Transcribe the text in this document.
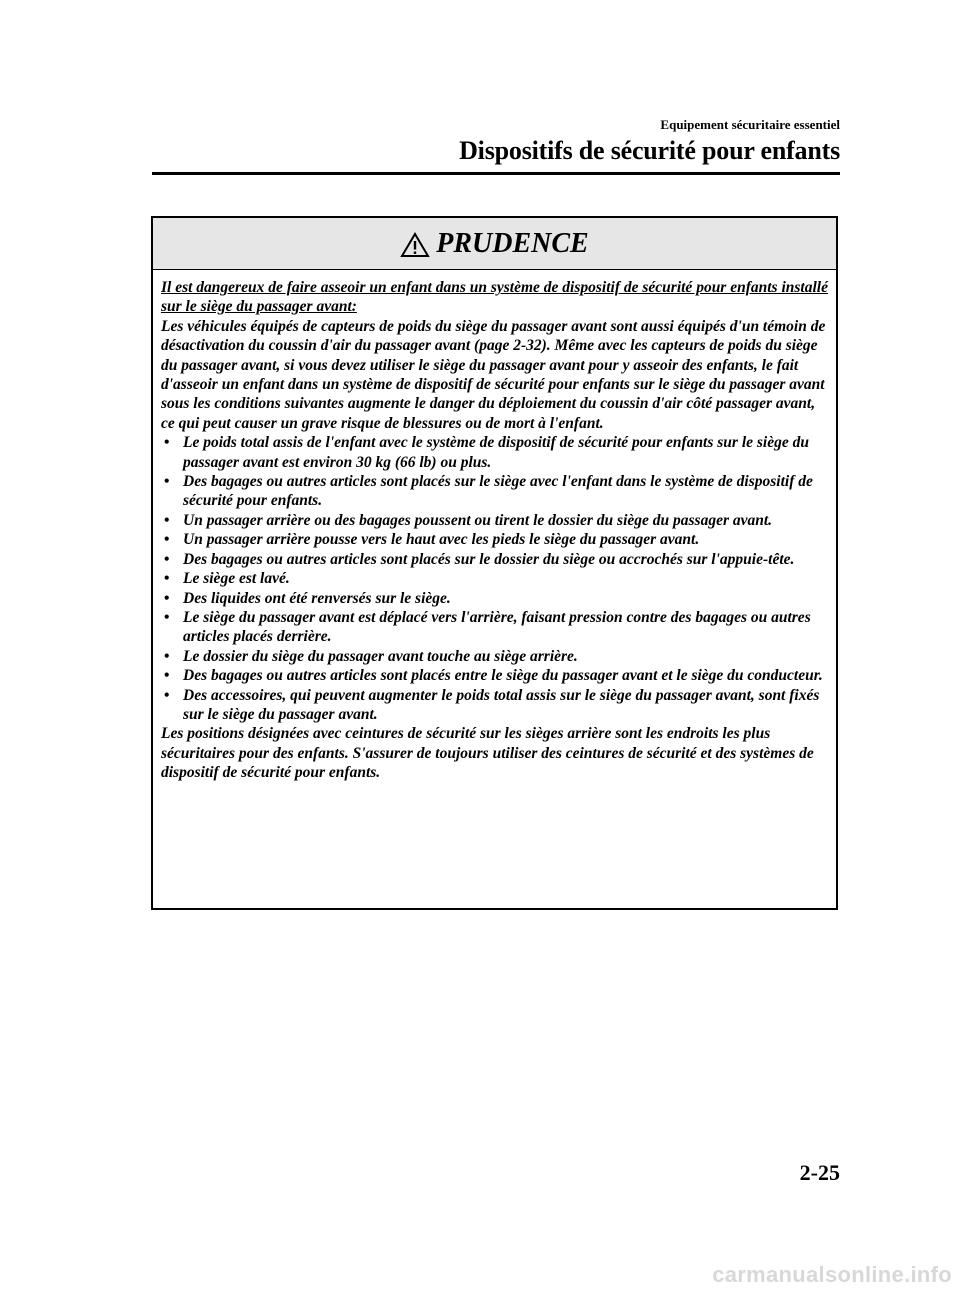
Equipement sécuritaire essentiel
Dispositifs de sécurité pour enfants
PRUDENCE

Il est dangereux de faire asseoir un enfant dans un système de dispositif de sécurité pour enfants installé sur le siège du passager avant:

Les véhicules équipés de capteurs de poids du siège du passager avant sont aussi équipés d'un témoin de désactivation du coussin d'air du passager avant (page 2-32). Même avec les capteurs de poids du siège du passager avant, si vous devez utiliser le siège du passager avant pour y asseoir des enfants, le fait d'asseoir un enfant dans un système de dispositif de sécurité pour enfants sur le siège du passager avant sous les conditions suivantes augmente le danger du déploiement du coussin d'air côté passager avant, ce qui peut causer un grave risque de blessures ou de mort à l'enfant.

• Le poids total assis de l'enfant avec le système de dispositif de sécurité pour enfants sur le siège du passager avant est environ 30 kg (66 lb) ou plus.
• Des bagages ou autres articles sont placés sur le siège avec l'enfant dans le système de dispositif de sécurité pour enfants.
• Un passager arrière ou des bagages poussent ou tirent le dossier du siège du passager avant.
• Un passager arrière pousse vers le haut avec les pieds le siège du passager avant.
• Des bagages ou autres articles sont placés sur le dossier du siège ou accrochés sur l'appuie-tête.
• Le siège est lavé.
• Des liquides ont été renversés sur le siège.
• Le siège du passager avant est déplacé vers l'arrière, faisant pression contre des bagages ou autres articles placés derrière.
• Le dossier du siège du passager avant touche au siège arrière.
• Des bagages ou autres articles sont placés entre le siège du passager avant et le siège du conducteur.
• Des accessoires, qui peuvent augmenter le poids total assis sur le siège du passager avant, sont fixés sur le siège du passager avant.

Les positions désignées avec ceintures de sécurité sur les sièges arrière sont les endroits les plus sécuritaires pour des enfants. S'assurer de toujours utiliser des ceintures de sécurité et des systèmes de dispositif de sécurité pour enfants.

2-25
carmanualsonline.info
